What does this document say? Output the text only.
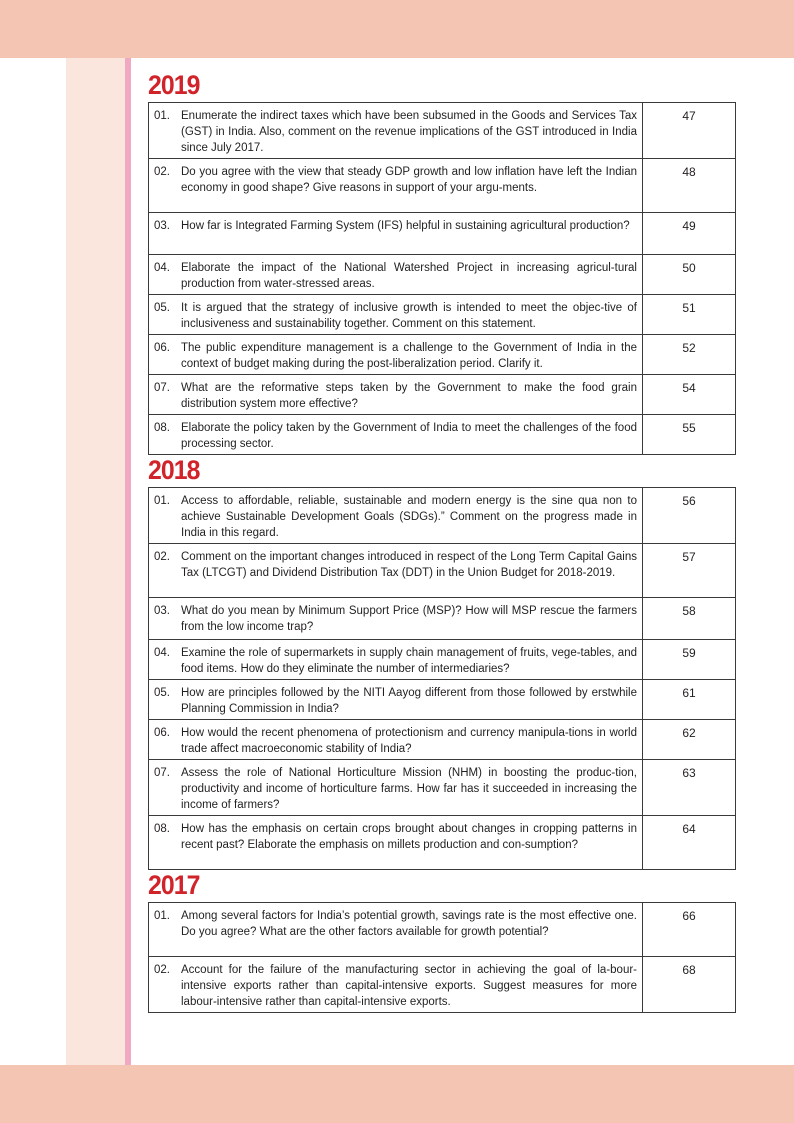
2019
01. Enumerate the indirect taxes which have been subsumed in the Goods and Services Tax (GST) in India. Also, comment on the revenue implications of the GST introduced in India since July 2017.	47

02. Do you agree with the view that steady GDP growth and low inflation have left the Indian economy in good shape? Give reasons in support of your argu-ments.	48

03. How far is Integrated Farming System (IFS) helpful in sustaining agricultural production?	49

04. Elaborate the impact of the National Watershed Project in increasing agricul-tural production from water-stressed areas.	50

05. It is argued that the strategy of inclusive growth is intended to meet the objec-tive of inclusiveness and sustainability together. Comment on this statement.	51

06. The public expenditure management is a challenge to the Government of India in the context of budget making during the post-liberalization period. Clarify it.	52

07. What are the reformative steps taken by the Government to make the food grain distribution system more effective?	54

08. Elaborate the policy taken by the Government of India to meet the challenges of the food processing sector.	55
2018
01. Access to affordable, reliable, sustainable and modern energy is the sine qua non to achieve Sustainable Development Goals (SDGs).” Comment on the progress made in India in this regard.	56

02. Comment on the important changes introduced in respect of the Long Term Capital Gains Tax (LTCGT) and Dividend Distribution Tax (DDT) in the Union Budget for 2018-2019.	57

03. What do you mean by Minimum Support Price (MSP)? How will MSP rescue the farmers from the low income trap?	58

04. Examine the role of supermarkets in supply chain management of fruits, vege-tables, and food items. How do they eliminate the number of intermediaries?	59

05. How are principles followed by the NITI Aayog different from those followed by erstwhile Planning Commission in India?	61

06. How would the recent phenomena of protectionism and currency manipula-tions in world trade affect macroeconomic stability of India?	62

07. Assess the role of National Horticulture Mission (NHM) in boosting the produc-tion, productivity and income of horticulture farms. How far has it succeeded in increasing the income of farmers?	63

08. How has the emphasis on certain crops brought about changes in cropping patterns in recent past? Elaborate the emphasis on millets production and con-sumption?	64
2017
01. Among several factors for India’s potential growth, savings rate is the most effective one. Do you agree? What are the other factors available for growth potential?	66

02. Account for the failure of the manufacturing sector in achieving the goal of la-bour-intensive exports rather than capital-intensive exports. Suggest measures for more labour-intensive rather than capital-intensive exports.	68
